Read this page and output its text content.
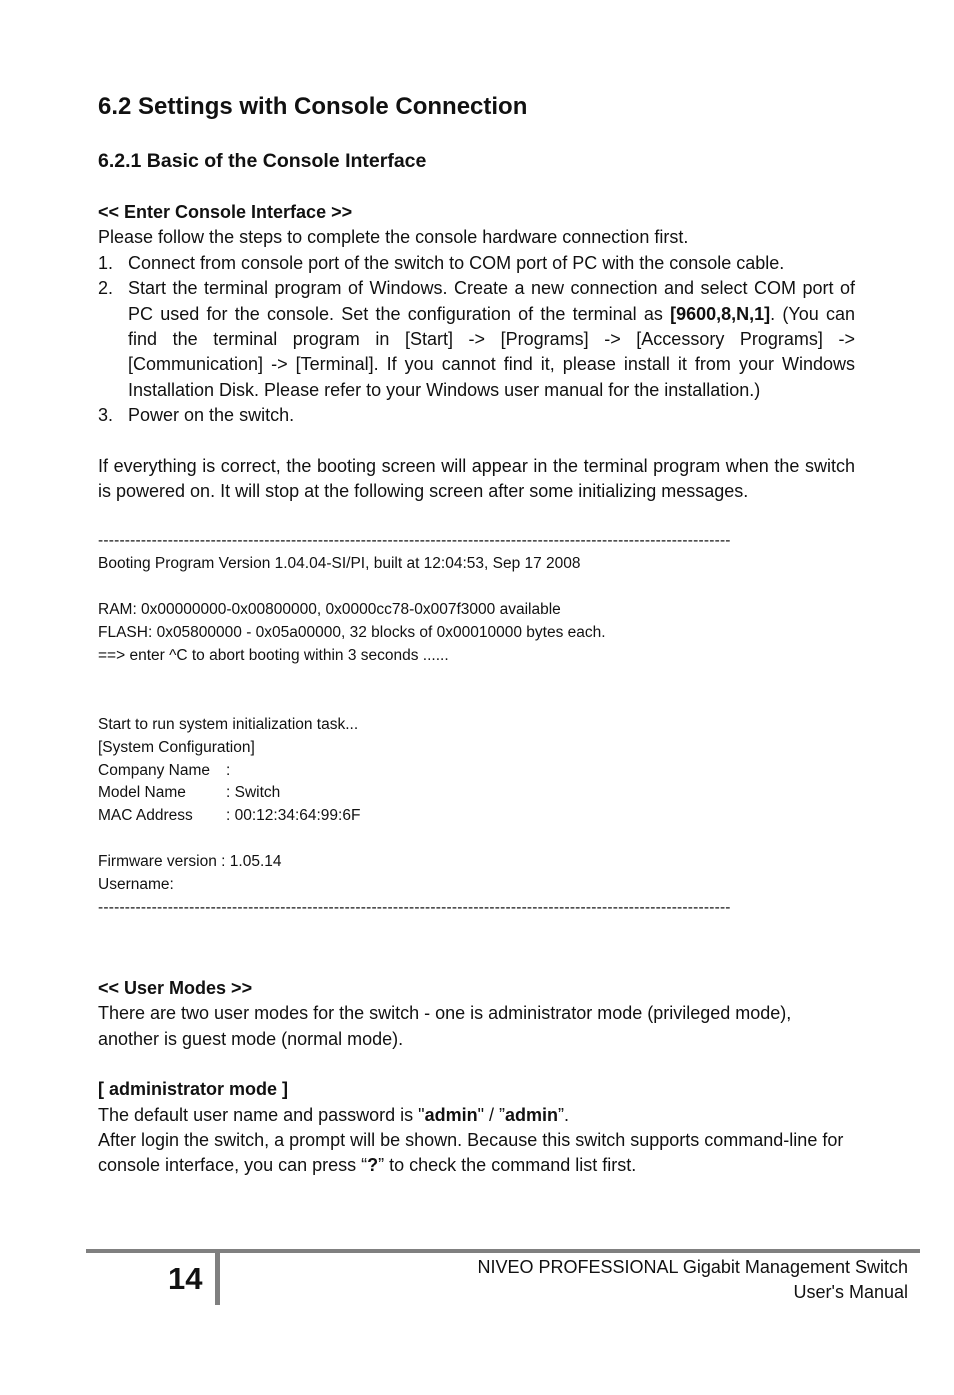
6.2 Settings with Console Connection
6.2.1 Basic of the Console Interface

<< Enter Console Interface >>

Please follow the steps to complete the console hardware connection first.

1. Connect from console port of the switch to COM port of PC with the console cable.
2. Start the terminal program of Windows. Create a new connection and select COM port of PC used for the console. Set the configuration of the terminal as [9600,8,N,1]. (You can find the terminal program in [Start] -> [Programs] -> [Accessory Programs] -> [Communication] -> [Terminal]. If you cannot find it, please install it from your Windows Installation Disk. Please refer to your Windows user manual for the installation.)
3. Power on the switch.

If everything is correct, the booting screen will appear in the terminal program when the switch is powered on. It will stop at the following screen after some initializing messages.

----------------------------------------------------------------------------------------------------------------------
Booting Program Version 1.04.04-SI/PI, built at 12:04:53, Sep 17 2008

RAM: 0x00000000-0x00800000, 0x0000cc78-0x007f3000 available
FLASH: 0x05800000 - 0x05a00000, 32 blocks of 0x00010000 bytes each.
==> enter ^C to abort booting within 3 seconds ......

Start to run system initialization task...
[System Configuration]
Company Name :
Model Name	: Switch
MAC Address : 00:12:34:64:99:6F

Firmware version : 1.05.14
Username:
----------------------------------------------------------------------------------------------------------------------

<< User Modes >>

There are two user modes for the switch - one is administrator mode (privileged mode), another is guest mode (normal mode).

[ administrator mode ]

The default user name and password is "admin" / ”admin”.

After login the switch, a prompt will be shown. Because this switch supports command-line for console interface, you can press “?” to check the command list first.

14	NIVEO PROFESSIONAL Gigabit Management Switch
User's Manual
